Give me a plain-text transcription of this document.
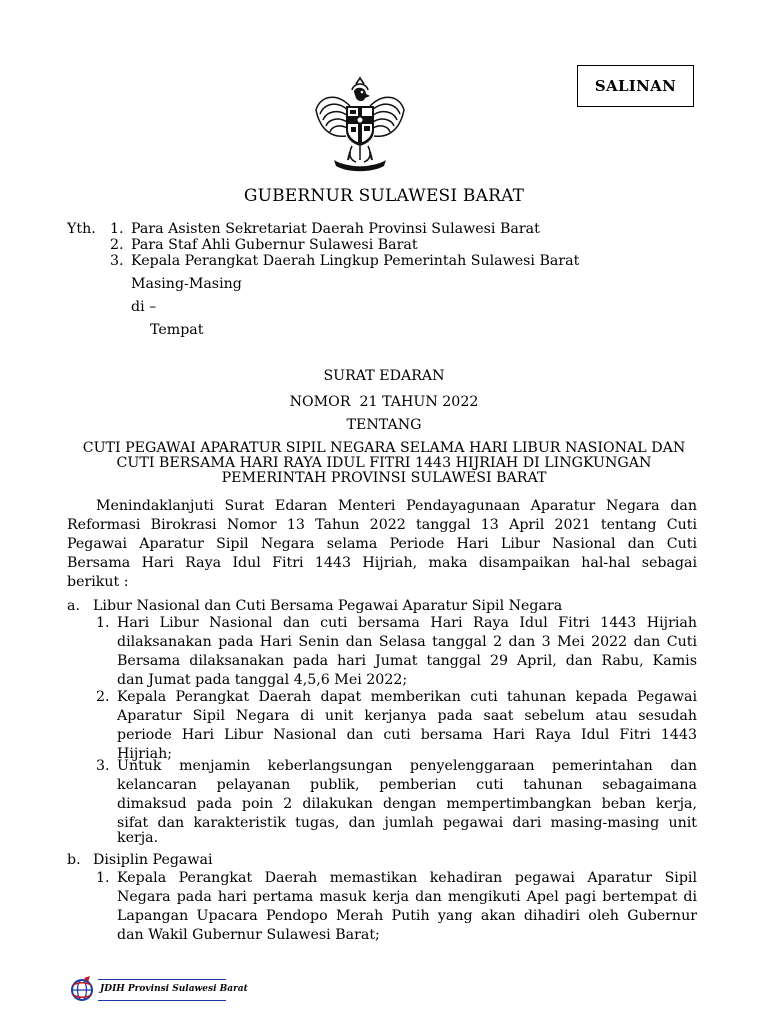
SALINAN
GUBERNUR SULAWESI BARAT
Yth. 1. Para Asisten Sekretariat Daerah Provinsi Sulawesi Barat
2. Para Staf Ahli Gubernur Sulawesi Barat
3. Kepala Perangkat Daerah Lingkup Pemerintah Sulawesi Barat
Masing-Masing
di –
Tempat
SURAT EDARAN
NOMOR  21 TAHUN 2022
TENTANG
CUTI PEGAWAI APARATUR SIPIL NEGARA SELAMA HARI LIBUR NASIONAL DAN
CUTI BERSAMA HARI RAYA IDUL FITRI 1443 HIJRIAH DI LINGKUNGAN
PEMERINTAH PROVINSI SULAWESI BARAT
Menindaklanjuti Surat Edaran Menteri Pendayagunaan Aparatur Negara dan
Reformasi Birokrasi Nomor 13 Tahun 2022 tanggal 13 April 2021 tentang Cuti
Pegawai Aparatur Sipil Negara selama Periode Hari Libur Nasional dan Cuti
Bersama Hari Raya Idul Fitri 1443 Hijriah, maka disampaikan hal-hal sebagai
berikut :
a. Libur Nasional dan Cuti Bersama Pegawai Aparatur Sipil Negara
1. Hari Libur Nasional dan cuti bersama Hari Raya Idul Fitri 1443 Hijriah
dilaksanakan pada Hari Senin dan Selasa tanggal 2 dan 3 Mei 2022 dan Cuti
Bersama dilaksanakan pada hari Jumat tanggal 29 April, dan Rabu, Kamis
dan Jumat pada tanggal 4,5,6 Mei 2022;
2. Kepala Perangkat Daerah dapat memberikan cuti tahunan kepada Pegawai
Aparatur Sipil Negara di unit kerjanya pada saat sebelum atau sesudah
periode Hari Libur Nasional dan cuti bersama Hari Raya Idul Fitri 1443
Hijriah;
3. Untuk menjamin keberlangsungan penyelenggaraan pemerintahan dan
kelancaran pelayanan publik, pemberian cuti tahunan sebagaimana
dimaksud pada poin 2 dilakukan dengan mempertimbangkan beban kerja,
sifat dan karakteristik tugas, dan jumlah pegawai dari masing-masing unit
kerja.
b. Disiplin Pegawai
1. Kepala Perangkat Daerah memastikan kehadiran pegawai Aparatur Sipil
Negara pada hari pertama masuk kerja dan mengikuti Apel pagi bertempat di
Lapangan Upacara Pendopo Merah Putih yang akan dihadiri oleh Gubernur
dan Wakil Gubernur Sulawesi Barat;
JDIH Provinsi Sulawesi Barat
